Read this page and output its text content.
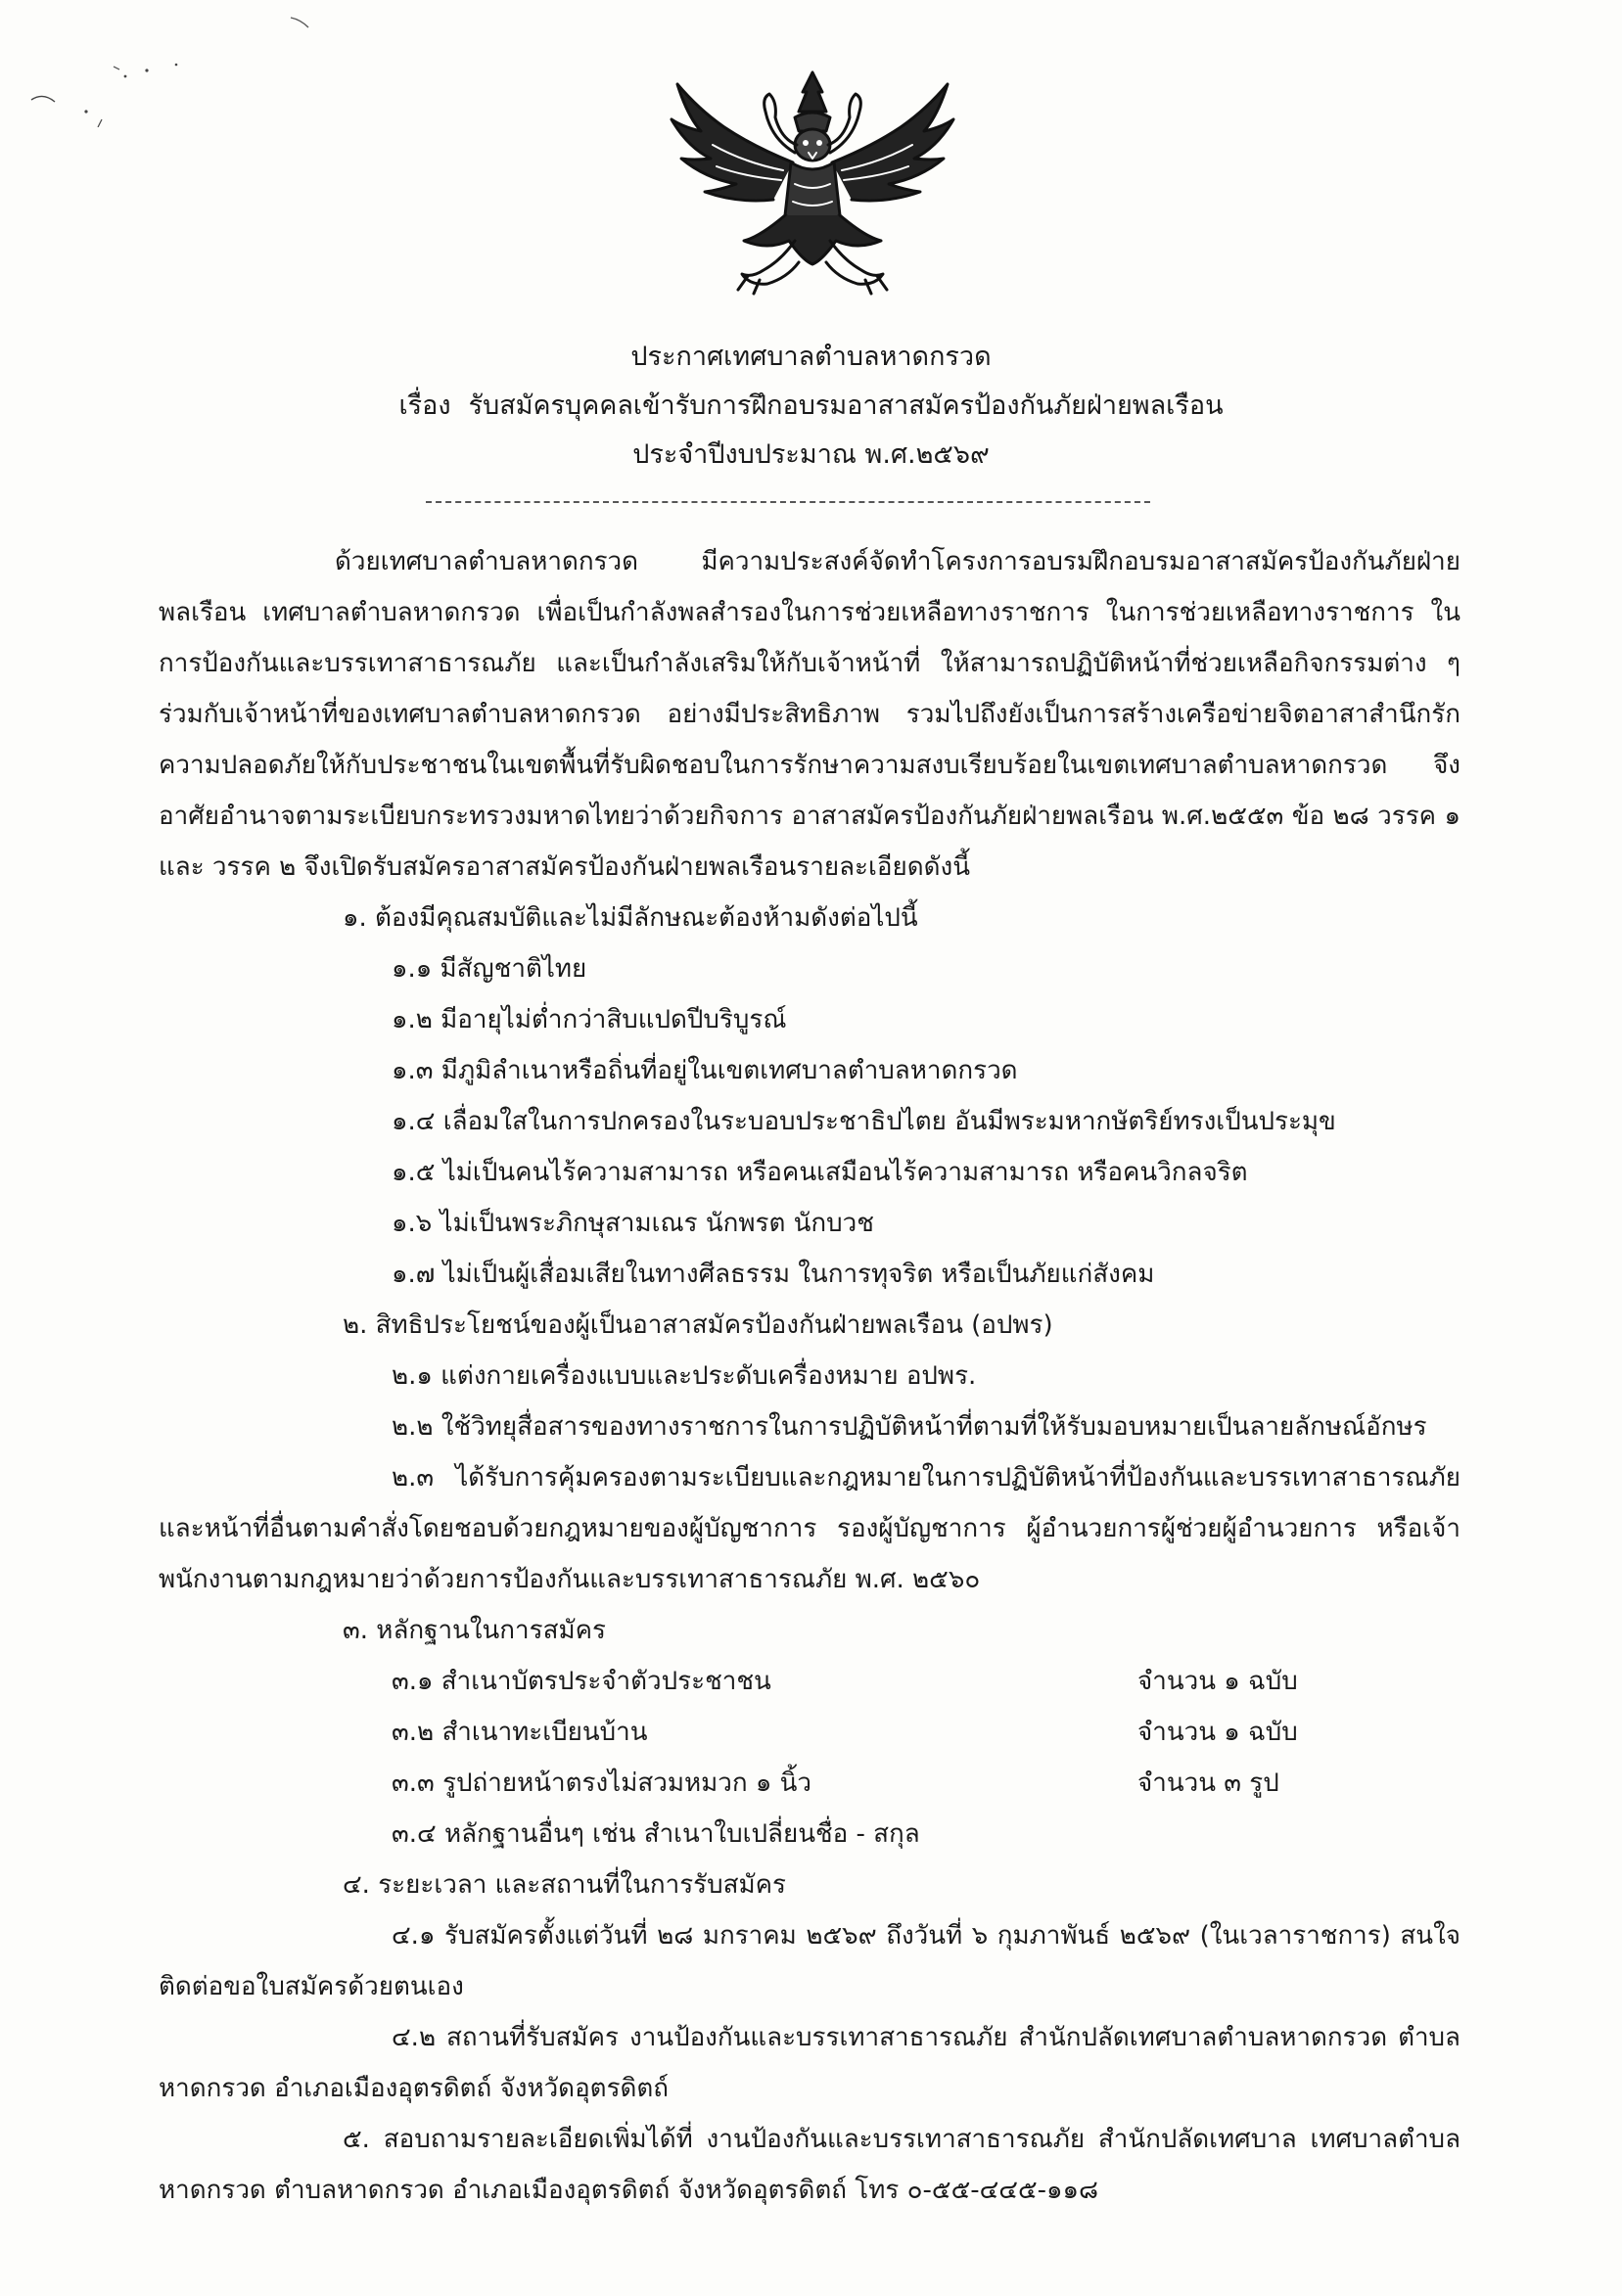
ประกาศเทศบาลตำบลหาดกรวด
เรื่อง รับสมัครบุคคลเข้ารับการฝึกอบรมอาสาสมัครป้องกันภัยฝ่ายพลเรือน
ประจำปีงบประมาณ พ.ศ.๒๕๖๙

ด้วยเทศบาลตำบลหาดกรวด มีความประสงค์จัดทำโครงการอบรมฝึกอบรมอาสาสมัครป้องกันภัยฝ่ายพลเรือน เทศบาลตำบลหาดกรวด เพื่อเป็นกำลังพลสำรองในการช่วยเหลือทางราชการ ในการช่วยเหลือทางราชการ ในการป้องกันและบรรเทาสาธารณภัย และเป็นกำลังเสริมให้กับเจ้าหน้าที่ ให้สามารถปฏิบัติหน้าที่ช่วยเหลือกิจกรรมต่าง ๆ ร่วมกับเจ้าหน้าที่ของเทศบาลตำบลหาดกรวด อย่างมีประสิทธิภาพ รวมไปถึงยังเป็นการสร้างเครือข่ายจิตอาสาสำนึกรักความปลอดภัยให้กับประชาชนในเขตพื้นที่รับผิดชอบในการรักษาความสงบเรียบร้อยในเขตเทศบาลตำบลหาดกรวด จึงอาศัยอำนาจตามระเบียบกระทรวงมหาดไทยว่าด้วยกิจการ อาสาสมัครป้องกันภัยฝ่ายพลเรือน พ.ศ.๒๕๕๓ ข้อ ๒๘ วรรค ๑ และ วรรค ๒ จึงเปิดรับสมัครอาสาสมัครป้องกันฝ่ายพลเรือนรายละเอียดดังนี้

๑. ต้องมีคุณสมบัติและไม่มีลักษณะต้องห้ามดังต่อไปนี้
๑.๑ มีสัญชาติไทย
๑.๒ มีอายุไม่ต่ำกว่าสิบแปดปีบริบูรณ์
๑.๓ มีภูมิลำเนาหรือถิ่นที่อยู่ในเขตเทศบาลตำบลหาดกรวด
๑.๔ เลื่อมใสในการปกครองในระบอบประชาธิปไตย อันมีพระมหากษัตริย์ทรงเป็นประมุข
๑.๕ ไม่เป็นคนไร้ความสามารถ หรือคนเสมือนไร้ความสามารถ หรือคนวิกลจริต
๑.๖ ไม่เป็นพระภิกษุสามเณร นักพรต นักบวช
๑.๗ ไม่เป็นผู้เสื่อมเสียในทางศีลธรรม ในการทุจริต หรือเป็นภัยแก่สังคม
๒. สิทธิประโยชน์ของผู้เป็นอาสาสมัครป้องกันฝ่ายพลเรือน (อปพร)
๒.๑ แต่งกายเครื่องแบบและประดับเครื่องหมาย อปพร.
๒.๒ ใช้วิทยุสื่อสารของทางราชการในการปฏิบัติหน้าที่ตามที่ให้รับมอบหมายเป็นลายลักษณ์อักษร

๒.๓ ได้รับการคุ้มครองตามระเบียบและกฎหมายในการปฏิบัติหน้าที่ป้องกันและบรรเทาสาธารณภัย และหน้าที่อื่นตามคำสั่งโดยชอบด้วยกฎหมายของผู้บัญชาการ รองผู้บัญชาการ ผู้อำนวยการผู้ช่วยผู้อำนวยการ หรือเจ้าพนักงานตามกฎหมายว่าด้วยการป้องกันและบรรเทาสาธารณภัย พ.ศ. ๒๕๖๐

๓. หลักฐานในการสมัคร
๓.๑ สำเนาบัตรประจำตัวประชาชน	จำนวน ๑ ฉบับ
๓.๒ สำเนาทะเบียนบ้าน	จำนวน ๑ ฉบับ
๓.๓ รูปถ่ายหน้าตรงไม่สวมหมวก ๑ นิ้ว	จำนวน ๓ รูป
๓.๔ หลักฐานอื่นๆ เช่น สำเนาใบเปลี่ยนชื่อ - สกุล
๔. ระยะเวลา และสถานที่ในการรับสมัคร

๔.๑ รับสมัครตั้งแต่วันที่ ๒๘ มกราคม ๒๕๖๙ ถึงวันที่ ๖ กุมภาพันธ์ ๒๕๖๙ (ในเวลาราชการ) สนใจติดต่อขอใบสมัครด้วยตนเอง

๔.๒ สถานที่รับสมัคร งานป้องกันและบรรเทาสาธารณภัย สำนักปลัดเทศบาลตำบลหาดกรวด ตำบลหาดกรวด อำเภอเมืองอุตรดิตถ์ จังหวัดอุตรดิตถ์

๕. สอบถามรายละเอียดเพิ่มได้ที่ งานป้องกันและบรรเทาสาธารณภัย สำนักปลัดเทศบาล เทศบาลตำบลหาดกรวด ตำบลหาดกรวด อำเภอเมืองอุตรดิตถ์ จังหวัดอุตรดิตถ์ โทร ๐-๕๕-๔๔๕-๑๑๘
